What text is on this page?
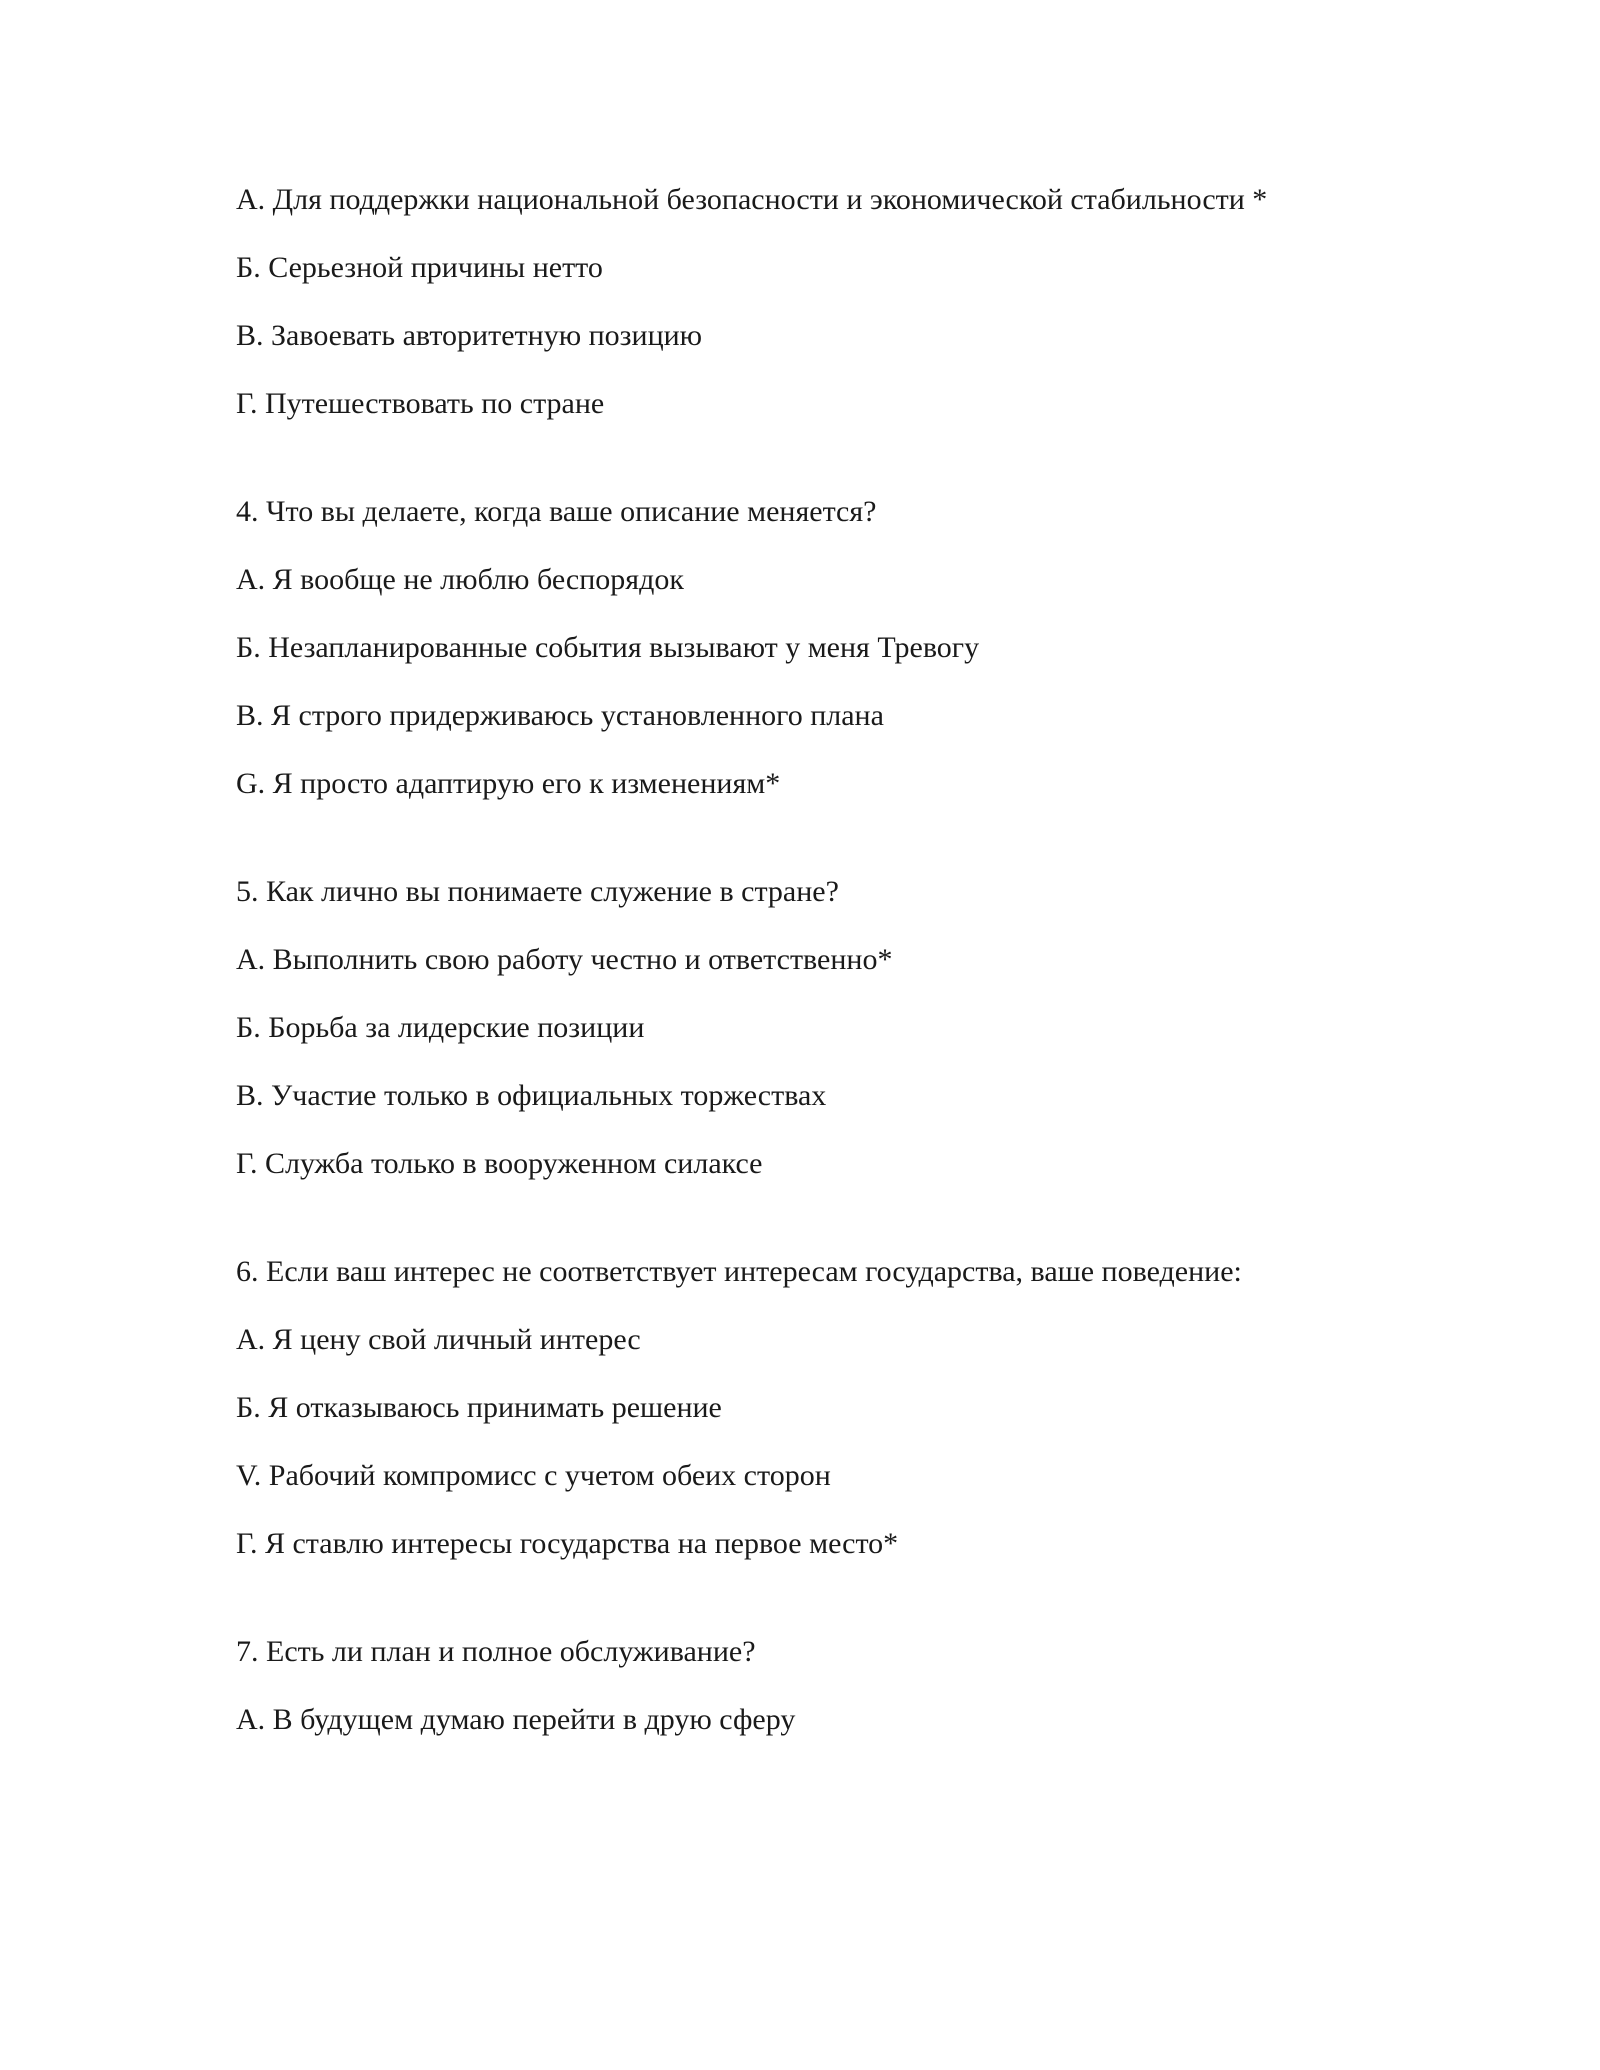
А. Для поддержки национальной безопасности и экономической стабильности *
Б. Серьезной причины нетто
В. Завоевать авторитетную позицию
Г. Путешествовать по стране
4. Что вы делаете, когда ваше описание меняется?
А. Я вообще не люблю беспорядок
Б. Незапланированные события вызывают у меня Тревогу
В. Я строго придерживаюсь установленного плана
G. Я просто адаптирую его к изменениям*
5. Как лично вы понимаете служение в стране?
А. Выполнить свою работу честно и ответственно*
Б. Борьба за лидерские позиции
В. Участие только в официальных торжествах
Г. Служба только в вооруженном силаксе
6. Если ваш интерес не соответствует интересам государства, ваше поведение:
А. Я цену свой личный интерес
Б. Я отказываюсь принимать решение
V. Рабочий компромисс с учетом обеих сторон
Г. Я ставлю интересы государства на первое место*
7. Есть ли план и полное обслуживание?
А. В будущем думаю перейти в друю сферу
